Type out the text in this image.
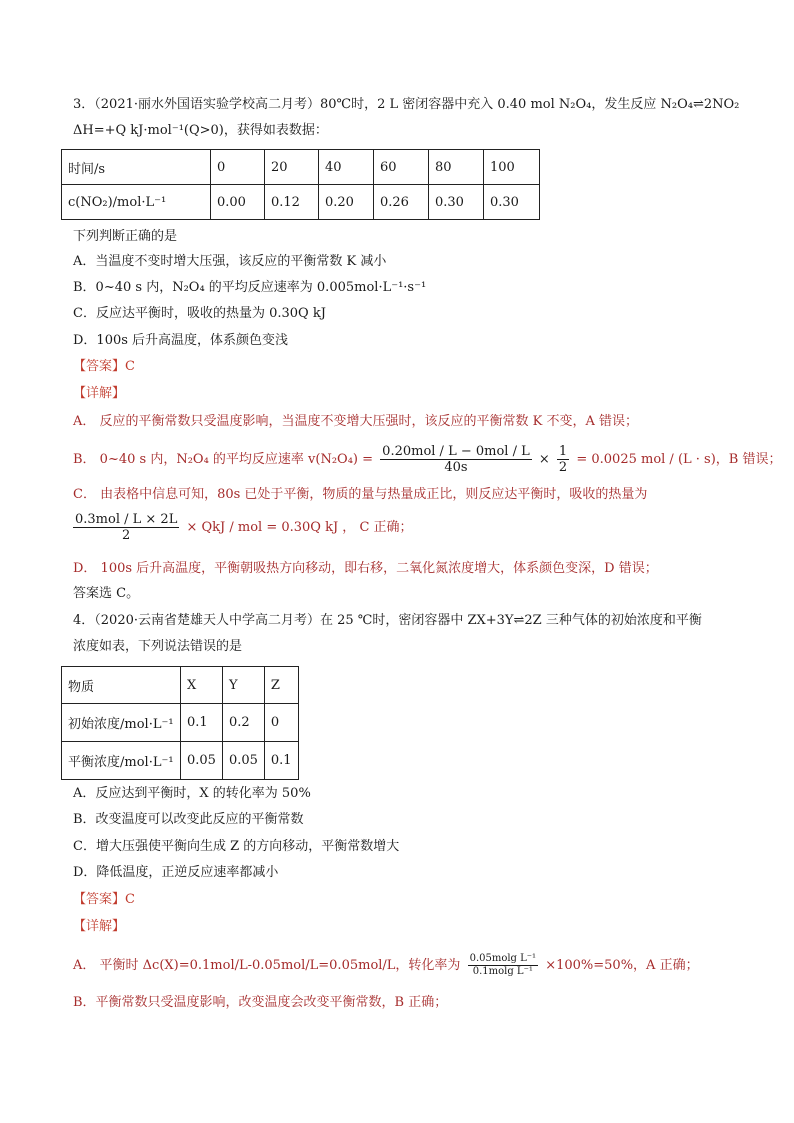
3．（2021·丽水外国语实验学校高二月考）80℃时，2 L 密闭容器中充入 0.40 mol N₂O₄，发生反应 N₂O₄⇌2NO₂
ΔH=+Q kJ·mol⁻¹(Q>0)，获得如表数据：
时间/s	0	20	40	60	80	100
c(NO₂)/mol·L⁻¹	0.00	0.12	0.20	0.26	0.30	0.30
下列判断正确的是
A．当温度不变时增大压强，该反应的平衡常数 K 减小
B．0~40 s 内，N₂O₄ 的平均反应速率为 0.005mol·L⁻¹·s⁻¹
C．反应达平衡时，吸收的热量为 0.30Q kJ
D．100s 后升高温度，体系颜色变浅
【答案】C
【详解】
A． 反应的平衡常数只受温度影响，当温度不变增大压强时，该反应的平衡常数 K 不变，A 错误；
B． 0~40 s 内，N₂O₄ 的平均反应速率 $v(N_2O_4) = \frac{\text{0.20mol / L − 0mol / L}}{40s} \times \frac{1}{2} = 0.0025$ mol / (L · s)，B 错误；
C． 由表格中信息可知，80s 已处于平衡，物质的量与热量成正比，则反应达平衡时，吸收的热量为
$\frac{\text{0.3mol / L × 2L}}{2}$ × QkJ / mol = 0.30Q kJ ， C 正确；
D． 100s 后升高温度，平衡朝吸热方向移动，即右移，二氧化氮浓度增大，体系颜色变深，D 错误；
答案选 C。
4．（2020·云南省楚雄天人中学高二月考）在 25 ℃时，密闭容器中 ZX+3Y⇌2Z 三种气体的初始浓度和平衡
浓度如表，下列说法错误的是
物质	X	Y	Z
初始浓度/mol·L⁻¹	0.1	0.2	0
平衡浓度/mol·L⁻¹	0.05	0.05	0.1
A．反应达到平衡时，X 的转化率为 50%
B．改变温度可以改变此反应的平衡常数
C．增大压强使平衡向生成 Z 的方向移动，平衡常数增大
D．降低温度，正逆反应速率都减小
【答案】C
【详解】
A． 平衡时 Δc(X)=0.1mol/L-0.05mol/L=0.05mol/L，转化率为 $\frac{\text{0.05molg L⁻¹}}{\text{0.1molg L⁻¹}} \times 100\%=50\%$，A 正确；
B．平衡常数只受温度影响，改变温度会改变平衡常数，B 正确；
